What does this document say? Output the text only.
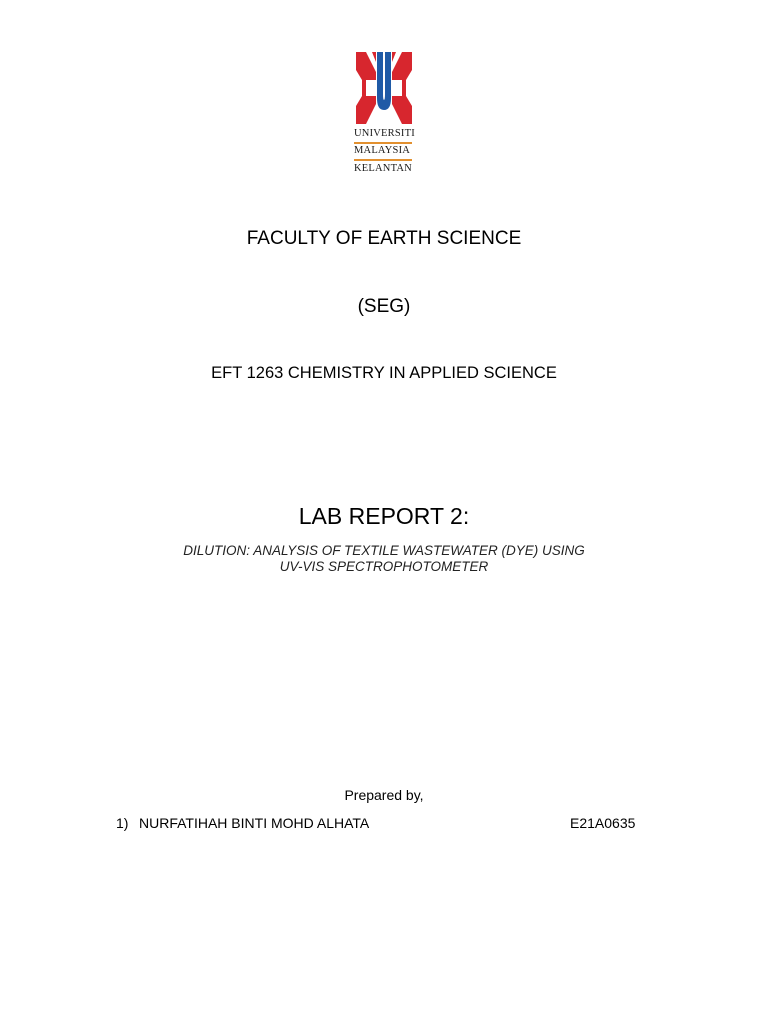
UNIVERSITI
MALAYSIA
KELANTAN
FACULTY OF EARTH SCIENCE
(SEG)
EFT 1263 CHEMISTRY IN APPLIED SCIENCE
LAB REPORT 2:
DILUTION: ANALYSIS OF TEXTILE WASTEWATER (DYE) USING
UV-VIS SPECTROPHOTOMETER
Prepared by,
1) NURFATIHAH BINTI MOHD ALHATA	E21A0635
